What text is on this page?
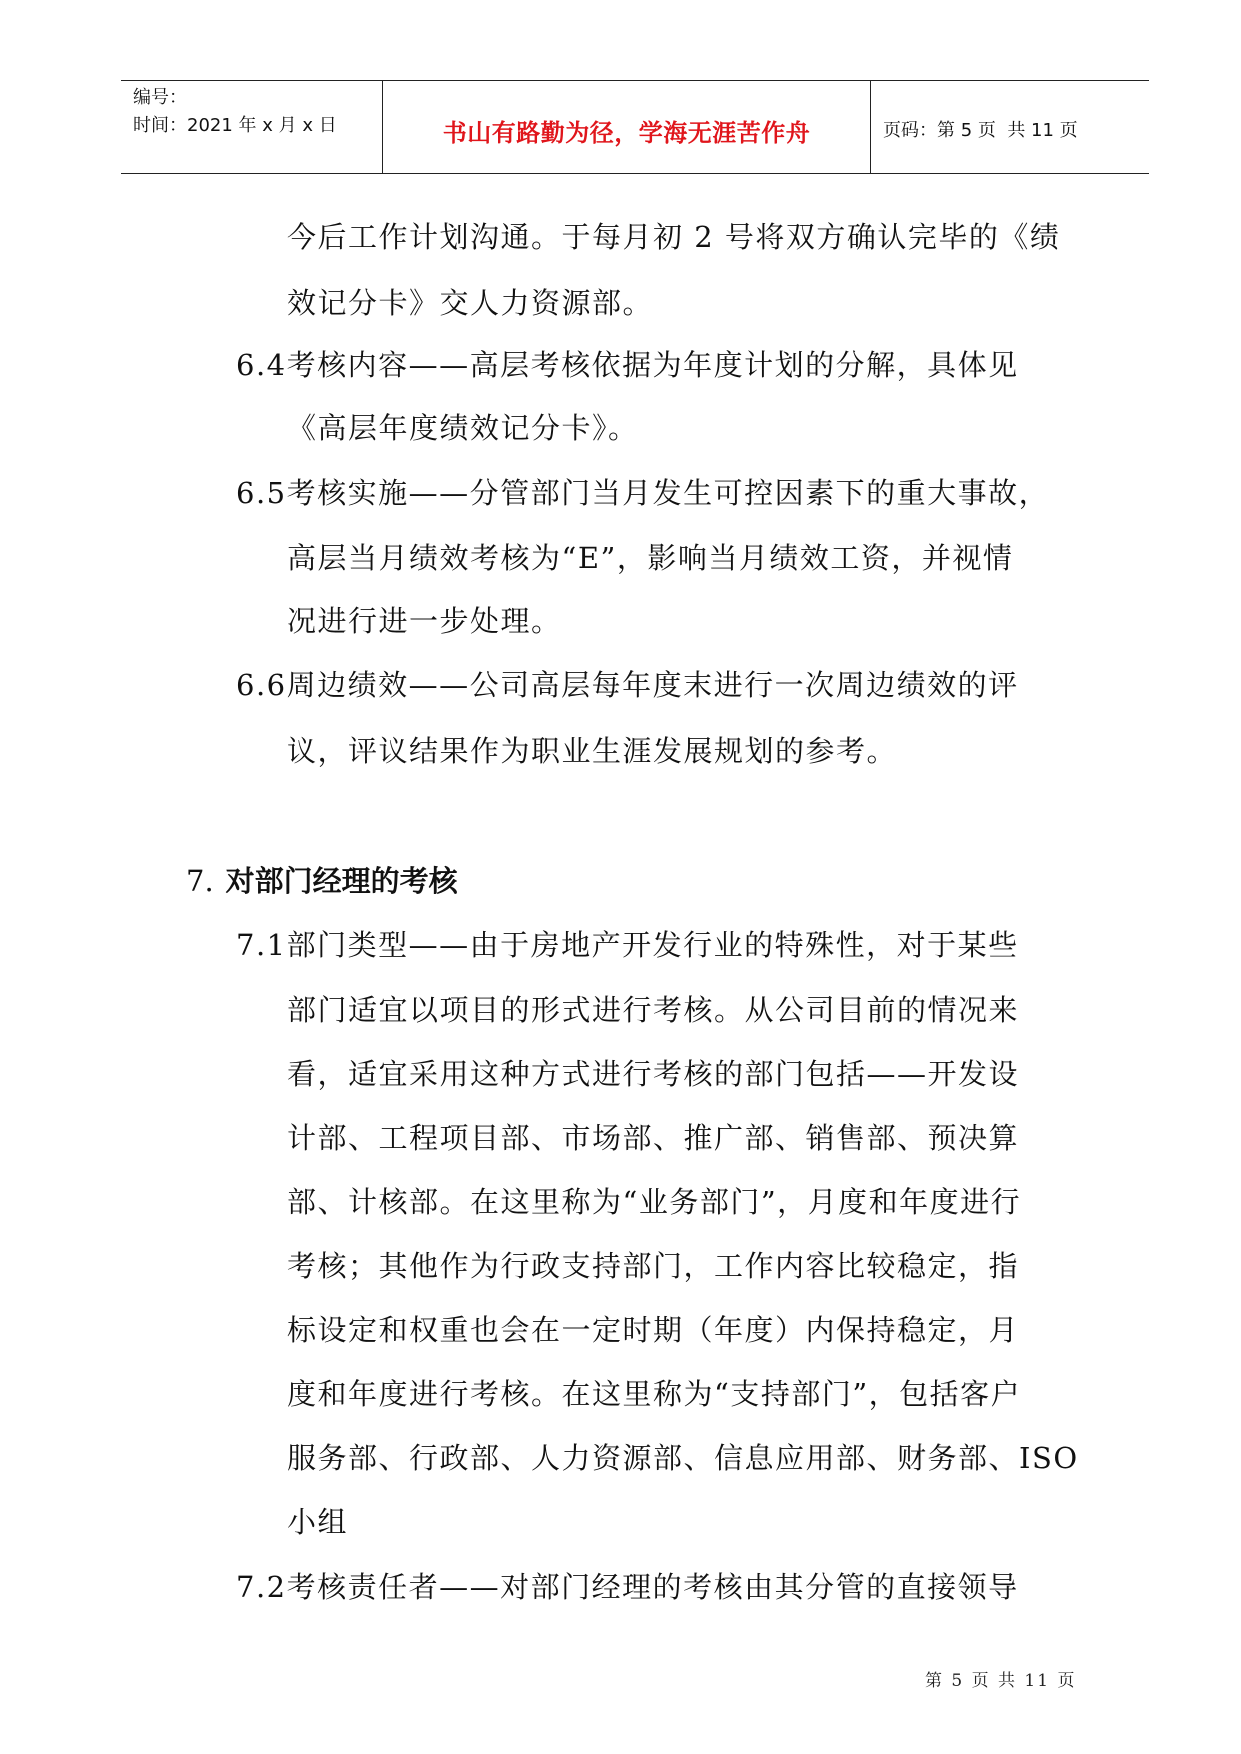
编号：
时间：2021 年 x 月 x 日	书山有路勤为径，学海无涯苦作舟	页码：第 5 页  共 11 页
今后工作计划沟通。于每月初 2 号将双方确认完毕的《绩
效记分卡》交人力资源部。
6.4考核内容——高层考核依据为年度计划的分解，具体见
《高层年度绩效记分卡》。
6.5考核实施——分管部门当月发生可控因素下的重大事故，
高层当月绩效考核为“E”，影响当月绩效工资，并视情
况进行进一步处理。
6.6周边绩效——公司高层每年度末进行一次周边绩效的评
议，评议结果作为职业生涯发展规划的参考。
7. 对部门经理的考核
7.1部门类型——由于房地产开发行业的特殊性，对于某些
部门适宜以项目的形式进行考核。从公司目前的情况来
看，适宜采用这种方式进行考核的部门包括——开发设
计部、工程项目部、市场部、推广部、销售部、预决算
部、计核部。在这里称为“业务部门”，月度和年度进行
考核；其他作为行政支持部门，工作内容比较稳定，指
标设定和权重也会在一定时期（年度）内保持稳定，月
度和年度进行考核。在这里称为“支持部门”，包括客户
服务部、行政部、人力资源部、信息应用部、财务部、ISO
小组
7.2考核责任者——对部门经理的考核由其分管的直接领导
第 5 页 共 11 页
